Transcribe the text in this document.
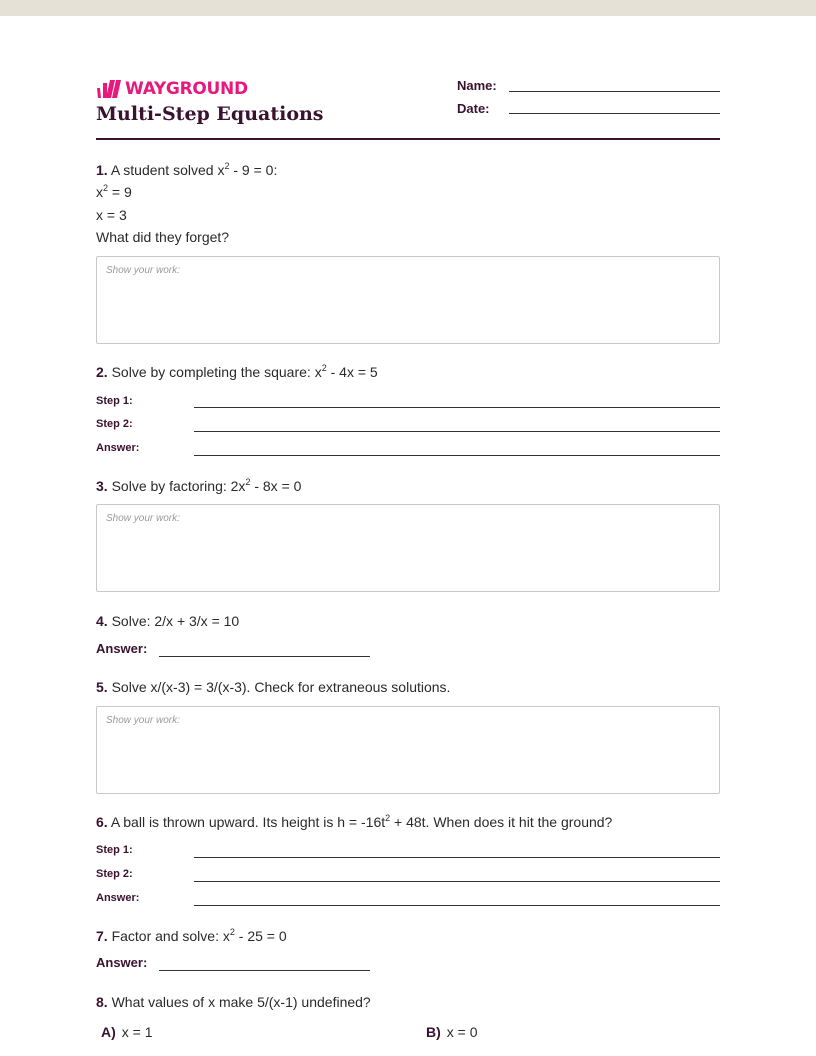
WAYGROUND
Multi-Step Equations
Name:
Date:
1. A student solved $x^2 - 9 = 0$:
$x^2 = 9$
x = 3
What did they forget?
Show your work:
2. Solve by completing the square: $x^2 - 4x = 5$
Step 1:
Step 2:
Answer:
3. Solve by factoring: $2x^2 - 8x = 0$
Show your work:
4. Solve: 2/x + 3/x = 10
Answer:
5. Solve x/(x-3) = 3/(x-3). Check for extraneous solutions.
Show your work:
6. A ball is thrown upward. Its height is $h = -16t^2 + 48t$. When does it hit the ground?
Step 1:
Step 2:
Answer:
7. Factor and solve: $x^2 - 25 = 0$
Answer:
8. What values of x make 5/(x-1) undefined?
A) x = 1	B) x = 0
